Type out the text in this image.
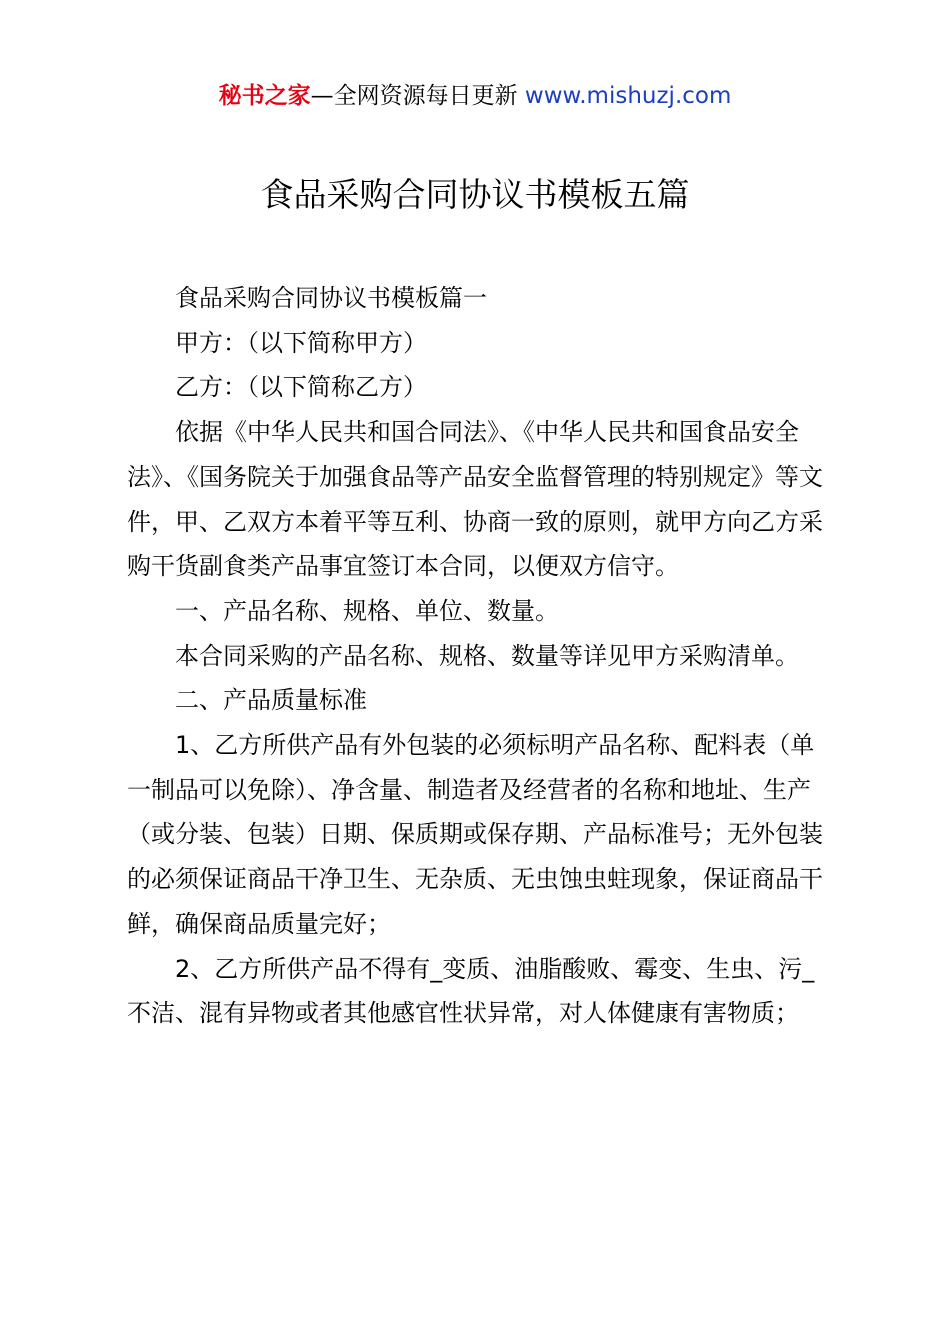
秘书之家—全网资源每日更新 www.mishuzj.com
食品采购合同协议书模板五篇

食品采购合同协议书模板篇一

甲方：（以下简称甲方）

乙方：（以下简称乙方）

依据《中华人民共和国合同法》、《中华人民共和国食品安全法》、《国务院关于加强食品等产品安全监督管理的特别规定》等文件，甲、乙双方本着平等互利、协商一致的原则，就甲方向乙方采购干货副食类产品事宜签订本合同，以便双方信守。

一、产品名称、规格、单位、数量。

本合同采购的产品名称、规格、数量等详见甲方采购清单。

二、产品质量标准

1、乙方所供产品有外包装的必须标明产品名称、配料表（单一制品可以免除）、净含量、制造者及经营者的名称和地址、生产（或分装、包装）日期、保质期或保存期、产品标准号；无外包装的必须保证商品干净卫生、无杂质、无虫蚀虫蛀现象，保证商品干鲜，确保商品质量完好；

2、乙方所供产品不得有_变质、油脂酸败、霉变、生虫、污_不洁、混有异物或者其他感官性状异常，对人体健康有害物质；
